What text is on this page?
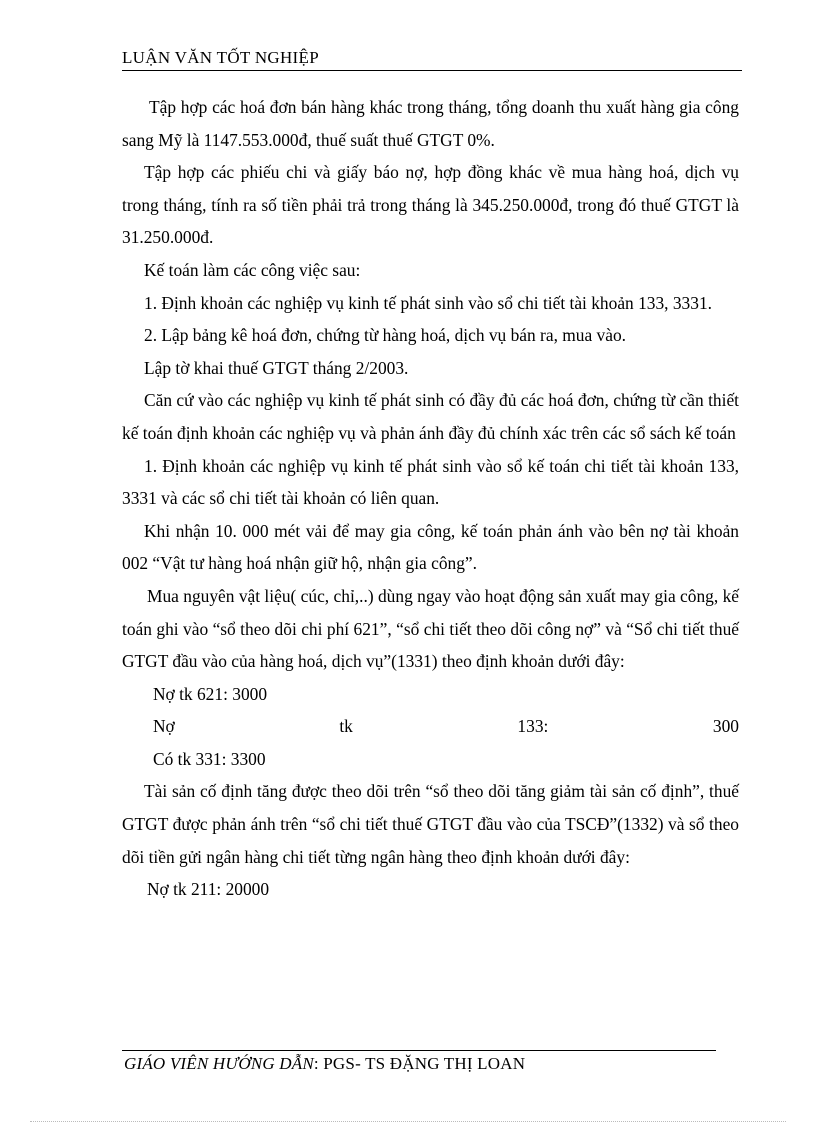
LUẬN VĂN TỐT NGHIỆP

Tập hợp các hoá đơn bán hàng khác trong tháng, tổng doanh thu xuất hàng gia công sang Mỹ là 1147.553.000đ, thuế suất thuế GTGT 0%.

Tập hợp các phiếu chi và giấy báo nợ, hợp đồng khác về mua hàng hoá, dịch vụ trong tháng, tính ra số tiền phải trả trong tháng là 345.250.000đ, trong đó thuế GTGT là 31.250.000đ.

Kế toán làm các công việc sau:

1. Định khoản các nghiệp vụ kinh tế phát sinh vào sổ chi tiết tài khoản 133, 3331.

2. Lập bảng kê hoá đơn, chứng từ hàng hoá, dịch vụ bán ra, mua vào.

Lập tờ khai thuế GTGT tháng 2/2003.

Căn cứ vào các nghiệp vụ kinh tế phát sinh có đầy đủ các hoá đơn, chứng từ cần thiết kế toán định khoản các nghiệp vụ và phản ánh đầy đủ chính xác trên các sổ sách kế toán

1. Định khoản các nghiệp vụ kinh tế phát sinh vào sổ kế toán chi tiết tài khoản 133, 3331 và các sổ chi tiết tài khoản có liên quan.

Khi nhận 10. 000 mét vải để may gia công, kế toán phản ánh vào bên nợ tài khoản 002 “Vật tư hàng hoá nhận giữ hộ, nhận gia công”.

Mua nguyên vật liệu( cúc, chỉ,..) dùng ngay vào hoạt động sản xuất may gia công, kế toán ghi vào “sổ theo dõi chi phí 621”, “sổ chi tiết theo dõi công nợ” và “Sổ chi tiết thuế GTGT đầu vào của hàng hoá, dịch vụ”(1331) theo định khoản dưới đây:

Nợ tk 621: 3000

Nợ	tk	133:	300

Có tk 331: 3300

Tài sản cố định tăng được theo dõi trên “sổ theo dõi tăng giảm tài sản cố định”, thuế GTGT được phản ánh trên “sổ chi tiết thuế GTGT đầu vào của TSCĐ”(1332) và sổ theo dõi tiền gửi ngân hàng chi tiết từng ngân hàng theo định khoản dưới đây:

Nợ tk 211: 20000

GIÁO VIÊN HƯỚNG DẪN: PGS- TS ĐẶNG THỊ LOAN
